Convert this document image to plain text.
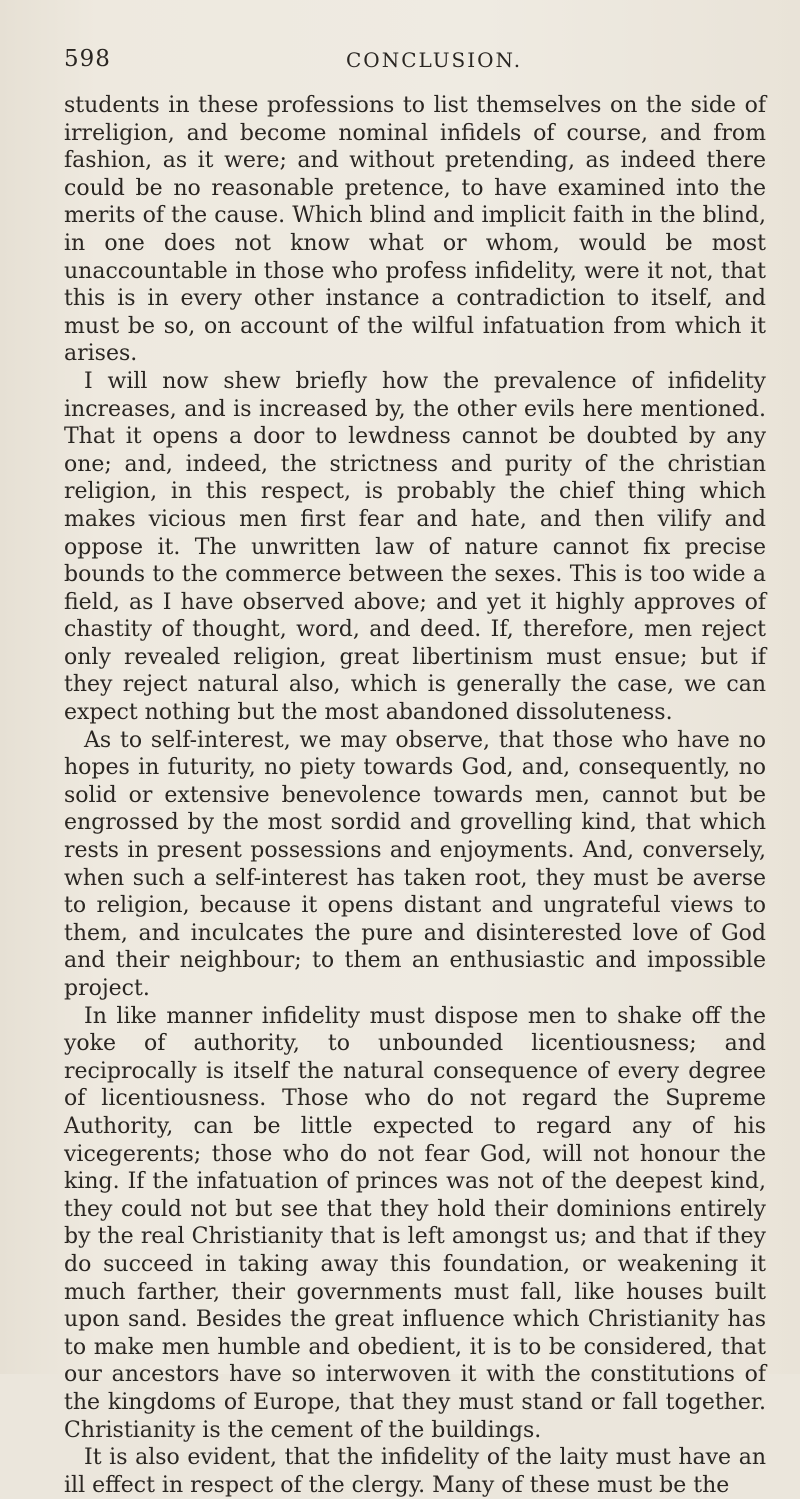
598	CONCLUSION.

students in these professions to list themselves on the side of irreligion, and become nominal infidels of course, and from fashion, as it were; and without pretending, as indeed there could be no reasonable pretence, to have examined into the merits of the cause. Which blind and implicit faith in the blind, in one does not know what or whom, would be most unaccountable in those who profess infidelity, were it not, that this is in every other instance a contradiction to itself, and must be so, on account of the wilful infatuation from which it arises.

I will now shew briefly how the prevalence of infidelity increases, and is increased by, the other evils here mentioned. That it opens a door to lewdness cannot be doubted by any one; and, indeed, the strictness and purity of the christian religion, in this respect, is probably the chief thing which makes vicious men first fear and hate, and then vilify and oppose it. The unwritten law of nature cannot fix precise bounds to the commerce between the sexes. This is too wide a field, as I have observed above; and yet it highly approves of chastity of thought, word, and deed. If, therefore, men reject only revealed religion, great libertinism must ensue; but if they reject natural also, which is generally the case, we can expect nothing but the most abandoned dissoluteness.

As to self-interest, we may observe, that those who have no hopes in futurity, no piety towards God, and, consequently, no solid or extensive benevolence towards men, cannot but be engrossed by the most sordid and grovelling kind, that which rests in present possessions and enjoyments. And, conversely, when such a self-interest has taken root, they must be averse to religion, because it opens distant and ungrateful views to them, and inculcates the pure and disinterested love of God and their neighbour; to them an enthusiastic and impossible project.

In like manner infidelity must dispose men to shake off the yoke of authority, to unbounded licentiousness; and reciprocally is itself the natural consequence of every degree of licentiousness. Those who do not regard the Supreme Authority, can be little expected to regard any of his vicegerents; those who do not fear God, will not honour the king. If the infatuation of princes was not of the deepest kind, they could not but see that they hold their dominions entirely by the real Christianity that is left amongst us; and that if they do succeed in taking away this foundation, or weakening it much farther, their governments must fall, like houses built upon sand. Besides the great influence which Christianity has to make men humble and obedient, it is to be considered, that our ancestors have so interwoven it with the constitutions of the kingdoms of Europe, that they must stand or fall together. Christianity is the cement of the buildings.

It is also evident, that the infidelity of the laity must have an ill effect in respect of the clergy. Many of these must be the
